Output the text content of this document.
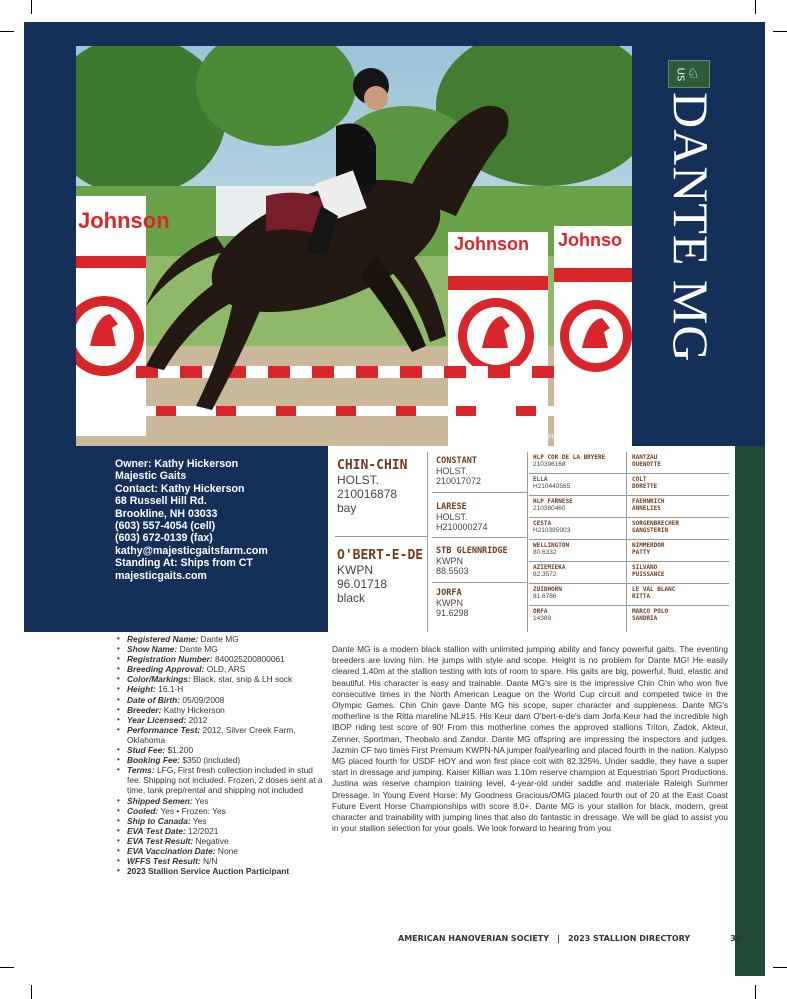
Johnson
Johnson Johnso
Photo by Sportfot
US ♘
DANTE MG
Owner: Kathy Hickerson
Majestic Gaits
Contact: Kathy Hickerson
68 Russell Hill Rd.
Brookline, NH 03033
(603) 557-4054 (cell)
(603) 672-0139 (fax)
kathy@majesticgaitsfarm.com
Standing At: Ships from CT
majesticgaits.com
CHIN-CHIN
HOLST.
210016878
bay
O'BERT-E-DE
KWPN
96.01718
black
CONSTANT
HOLST.
210017072
LARESE
HOLST.
H210000274
STB GLENNRIDGE
KWPN
88.5503
JORFA
KWPN
91.6298
HLP COR DE LA BRYERE
210396168
ELLA
H210440565
HLP FARNESE
210380460
CESTA
H210385903
WELLINGTON
80.6332
AZIEMIEKA
82.3572
ZUIDHORN
81.6786
ORFA
14389
RANTZAU
OUENOTTE
COLT
DORETTE
FAEHNRICH
ANNELIES
SORGENBRECHER
GANGSTERIN
NIMMERDOR
PATTY
SILVANO
PUISSANCE
LE VAL BLANC
RITTA
MARCO POLO
SANDRIA
• Registered Name: Dante MG
• Show Name: Dante MG
• Registration Number: 840025200800061
• Breeding Approval: OLD, ARS
• Color/Markings: Black, star, snip & LH sock
• Height: 16.1-H
• Date of Birth: 05/09/2008
• Breeder: Kathy Hickerson
• Year Licensed: 2012
• Performance Test: 2012, Silver Creek Farm, Oklahoma
• Stud Fee: $1,200
• Booking Fee: $350 (included)
• Terms: LFG, First fresh collection included in stud fee. Shipping not included. Frozen, 2 doses sent at a time, tank prep/rental and shipping not included
• Shipped Semen: Yes
• Cooled: Yes • Frozen: Yes
• Ship to Canada: Yes
• EVA Test Date: 12/2021
• EVA Test Result: Negative
• EVA Vaccination Date: None
• WFFS Test Result: N/N
• 2023 Stallion Service Auction Participant
Dante MG is a modern black stallion with unlimited jumping ability and fancy powerful gaits. The eventing breeders are loving him. He jumps with style and scope. Height is no problem for Dante MG! He easily cleared 1.40m at the stallion testing with lots of room to spare. His gaits are big, powerful, fluid, elastic and beautiful. His character is easy and trainable. Dante MG's sire is the impressive Chin Chin who won five consecutive times in the North American League on the World Cup circuit and competed twice in the Olympic Games. Chin Chin gave Dante MG his scope, super character and suppleness. Dante MG's motherline is the Ritta mareline NL#15. His Keur dam O'bert-e-de's dam Jorfa Keur had the incredible high IBOP riding test score of 90! From this motherline comes the approved stallions Triton, Zadok, Akteur, Zenner, Sportman, Theobalo and Zandor. Dante MG offspring are impressing the inspectors and judges. Jazmin CF two times First Premium KWPN-NA jumper foal/yearling and placed fourth in the nation. Kalypso MG placed fourth for USDF HOY and won first place colt with 82.325%. Under saddle, they have a super start in dressage and jumping. Kaiser Killian was 1.10m reserve champion at Equestrian Sport Productions. Justina was reserve champion training level, 4-year-old under saddle and materiale Raleigh Summer Dressage. In Young Event Horse: My Goodness Gracious/OMG placed fourth out of 20 at the East Coast Future Event Horse Championships with score 8.0+. Dante MG is your stallion for black, modern, great character and trainability with jumping lines that also do fantastic in dressage. We will be glad to assist you in your stallion selection for your goals. We look forward to hearing from you
AMERICAN HANOVERIAN SOCIETY | 2023 STALLION DIRECTORY	35
